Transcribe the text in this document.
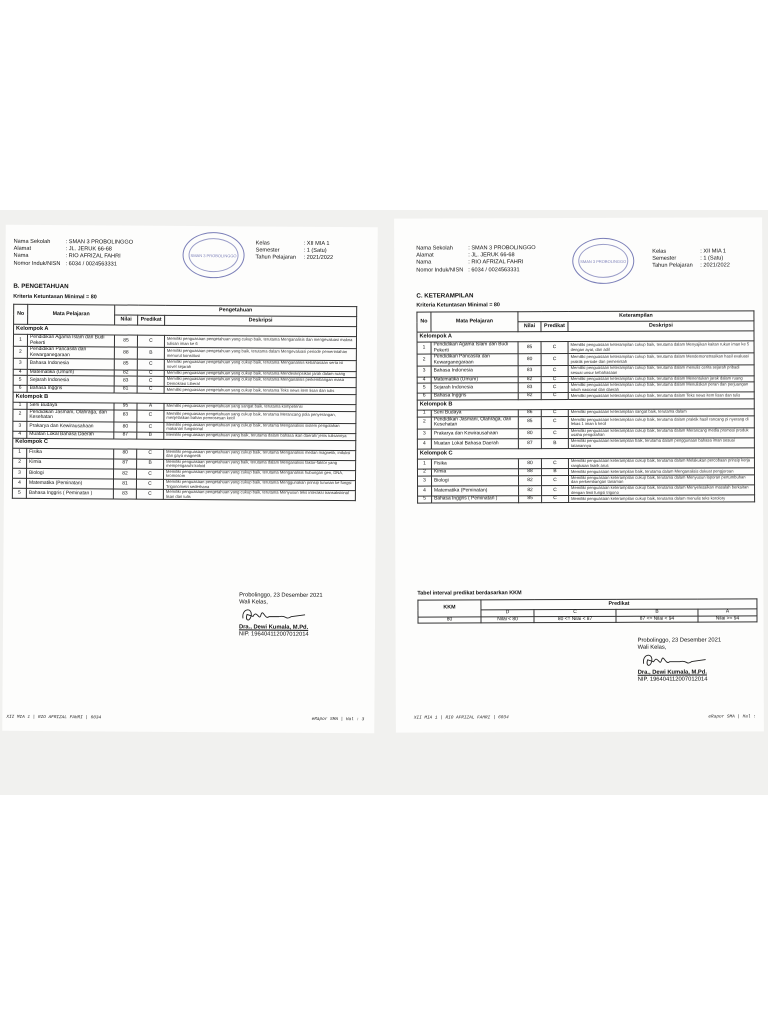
Nama Sekolah	: SMAN 3 PROBOLINGGO
Alamat	: JL. JERUK 66-68
Nama	: RIO AFRIZAL FAHRI
Nomor Induk/NISN : 6034 / 0024563331
SMAN 3 PROBOLINGGO
Kelas	: XII MIA 1
Semester	: 1 (Satu)
Tahun Pelajaran	: 2021/2022
B. PENGETAHUAN
Kriteria Ketuntasan Minimal = 80
No	Mata Pelajaran	Pengetahuan		
		Nilai	Predikat	Deskripsi
Kelompok A				
1	Pendidikan Agama Islam dan Budi Pekerti	85	C	Memiliki penguasaan pengetahuan yang cukup baik, terutama Menganalisis dan mengevaluasi makna tulisan iman ke 6
2	Pendidikan Pancasila dan Kewarganegaraan	88	B	Memiliki penguasaan pengetahuan yang baik, terutama dalam Mengevaluasi periode pemerintahan menurut konstitusi
3	Bahasa Indonesia	85	C	Memiliki penguasaan pengetahuan yang cukup baik, terutama Menganalisis kebahasaan serta isi novel sejarah
4	Matematika (Umum)	82	C	Memiliki penguasaan pengetahuan yang cukup baik, terutama Mendeskripsikan jarak dalam ruang
5	Sejarah Indonesia	83	C	Memiliki penguasaan pengetahuan yang cukup baik, terutama Menganalisis perkembangan masa Demokrasi Liberal
6	Bahasa Inggris	81	C	Memiliki penguasaan pengetahuan yang cukup baik, terutama Teks news item lisan dan tulis
Kelompok B				
1	Seni Budaya	95	A	Memiliki penguasaan pengetahuan yang sangat baik, terutama kompetensi
2	Pendidikan Jasmani, Olahraga, dan Kesehatan	83	C	Memiliki penguasaan pengetahuan yang cukup baik, terutama Merancang pola penyerangan, menjelaskan bahan pemrosesan kecil
3	Prakarya dan Kewirausahaan	80	C	Memiliki penguasaan pengetahuan yang cukup baik, terutama Menganalisis sistem pengolahan makanan fungsional
4	Muatan Lokal Bahasa Daerah	87	B	Memiliki penguasaan pengetahuan yang baik, terutama dalam bahasa ikan daerah/ jenis tulisannya
Kelompok C				
1	Fisika	80	C	Memiliki penguasaan pengetahuan yang cukup baik, terutama Menganalisis medan magnetik, induksi dan gaya magnetik
2	Kimia	87	B	Memiliki penguasaan pengetahuan yang baik, terutama dalam Menganalisis faktor-faktor yang mempengaruhi koloid
3	Biologi	82	C	Memiliki penguasaan pengetahuan yang cukup baik, terutama Menganalisis hubungan gen, DNA, kromosom
4	Matematika (Peminatan)	81	C	Memiliki penguasaan pengetahuan yang cukup baik, terutama Menggunakan prinsip turunan ke fungsi Trigonometri sederhana
5	Bahasa Inggris ( Peminatan )	83	C	Memiliki penguasaan pengetahuan yang cukup baik, terutama Menyusun teks interaksi transaksional lisan dan tulis
Probolinggo, 23 Desember 2021
Wali Kelas,
Dra., Dewi Kumala, M.Pd.
NIP. 196404112007012014
XII MIA 1 | RIO AFRIZAL FAHRI | 6034	eRapor SMA | Hal : 3
Nama Sekolah	: SMAN 3 PROBOLINGGO
Alamat	: JL. JERUK 66-68
Nama	: RIO AFRIZAL FAHRI
Nomor Induk/NISN : 6034 / 0024563331
SMAN 3 PROBOLINGGO
Kelas	: XII MIA 1
Semester	: 1 (Satu)
Tahun Pelajaran	: 2021/2022
C. KETERAMPILAN
Kriteria Ketuntasan Minimal = 80
No	Mata Pelajaran	Keterampilan		
		Nilai	Predikat	Deskripsi
Kelompok A				
1	Pendidikan Agama Islam dan Budi Pekerti	85	C	Memiliki penguasaan keterampilan cukup baik, terutama dalam Menyajikan kaitan rukun iman ke 5 dengan ayat, dan adil
2	Pendidikan Pancasila dan Kewarganegaraan	80	C	Memiliki penguasaan keterampilan cukup baik, terutama dalam Mendemonstrasikan hasil evaluasi praktik periode dan pemerintah
3	Bahasa Indonesia	83	C	Memiliki penguasaan keterampilan cukup baik, terutama dalam menulis cerita sejarah pribadi sesuai unsur kebahasaan
4	Matematika (Umum)	82	C	Memiliki penguasaan keterampilan cukup baik, terutama dalam Menentukan jarak dalam ruang
5	Sejarah Indonesia	83	C	Memiliki penguasaan keterampilan cukup baik, terutama dalam Menuliskan peran dan perjuangan tokoh nasional dan daerah
6	Bahasa Inggris	82	C	Memiliki penguasaan keterampilan cukup baik, terutama dalam Teks news item lisan dan tulis
Kelompok B				
1	Seni Budaya	86	C	Memiliki penguasaan keterampilan sangat baik, terutama dalam
2	Pendidikan Jasmani, Olahraga, dan Kesehatan	85	C	Memiliki penguasaan keterampilan cukup baik, terutama dalam praktik hasil rancang pi nyerang di lekas 1 iman k kecil
3	Prakarya dan Kewirausahaan	80	C	Memiliki penguasaan keterampilan cukup baik, terutama dalam Merancang media promosi produk usaha pengolahan
4	Muatan Lokal Bahasa Daerah	87	B	Memiliki penguasaan keterampilan baik, terutama dalam penggunaan bahasa iman sesuai tatanannya
Kelompok C				
1	Fisika	80	C	Memiliki penguasaan keterampilan cukup baik, terutama dalam Melakukan percobaan prinsip kerja rangkaian listrik arus
2	Kimia	88	B	Memiliki penguasaan keterampilan baik, terutama dalam Menganalisis dokuat pengjoroan
3	Biologi	82	C	Memiliki penguasaan keterampilan cukup baik, terutama dalam Menyusun laporan pertumbuhan dan perkembangan tanaman
4	Matematika (Peminatan)	82	C	Memiliki penguasaan keterampilan cukup baik, terutama dalam Menyelesaikan masalah berkaitan dengan limit fungsi trigono
5	Bahasa Inggris ( Peminatan )	85	C	Memiliki penguasaan keterampilan cukup baik, terutama dalam menulis teks korolory
Tabel interval predikat berdasarkan KKM
KKM	Predikat			
	D	C	B	A
80	Nilai < 80	80 <= Nilai < 87	87 <= Nilai < 94	Nilai >= 94
Probolinggo, 23 Desember 2021
Wali Kelas,
Dra., Dewi Kumala, M.Pd.
NIP. 196404112007012014
XII MIA 1 | RIO AFRIZAL FAHRI | 6034	eRapor SMA | Hal :
